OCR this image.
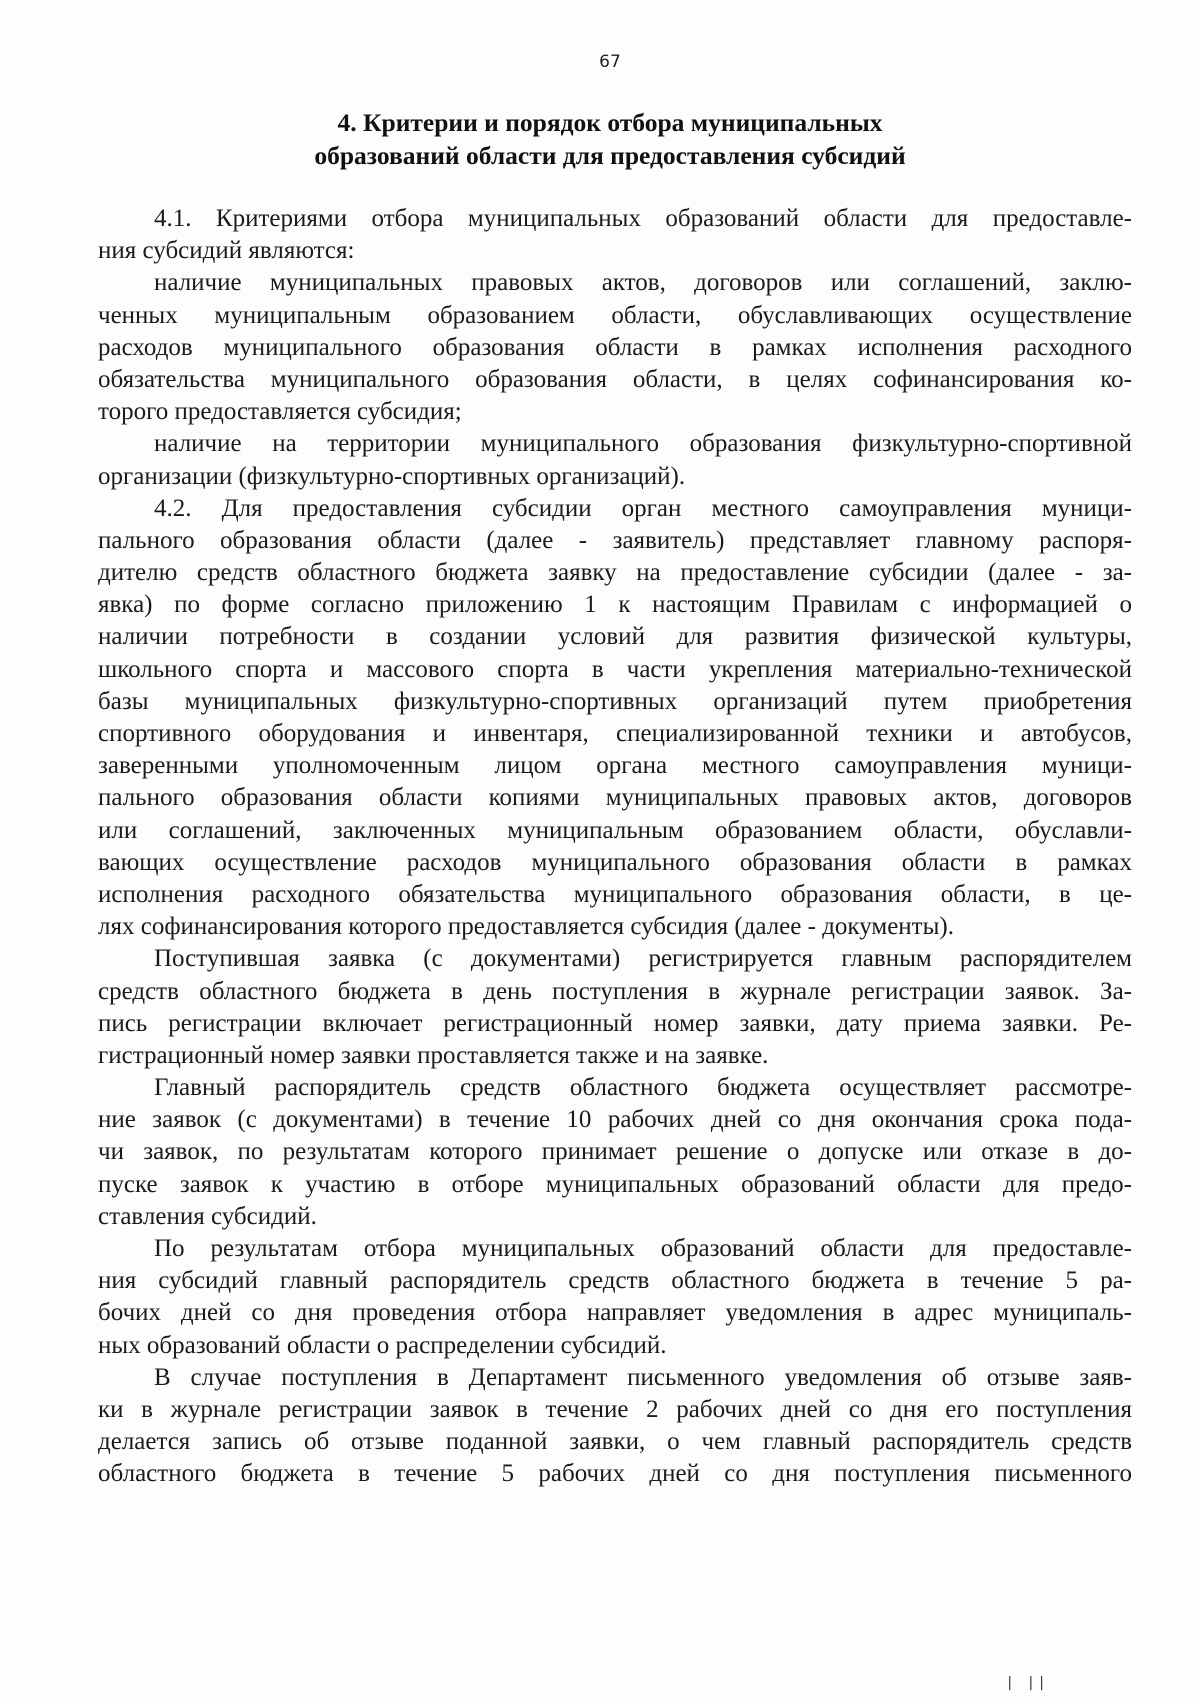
67
4. Критерии и порядок отбора муниципальных
образований области для предоставления субсидий
4.1. Критериями отбора муниципальных образований области для предоставле-
ния субсидий являются:
наличие муниципальных правовых актов, договоров или соглашений, заклю-
ченных муниципальным образованием области, обуславливающих осуществление
расходов муниципального образования области в рамках исполнения расходного
обязательства муниципального образования области, в целях софинансирования ко-
торого предоставляется субсидия;
наличие на территории муниципального образования физкультурно-спортивной
организации (физкультурно-спортивных организаций).
4.2. Для предоставления субсидии орган местного самоуправления муници-
пального образования области (далее - заявитель) представляет главному распоря-
дителю средств областного бюджета заявку на предоставление субсидии (далее - за-
явка) по форме согласно приложению 1 к настоящим Правилам с информацией о
наличии потребности в создании условий для развития физической культуры,
школьного спорта и массового спорта в части укрепления материально-технической
базы муниципальных физкультурно-спортивных организаций путем приобретения
спортивного оборудования и инвентаря, специализированной техники и автобусов,
заверенными уполномоченным лицом органа местного самоуправления муници-
пального образования области копиями муниципальных правовых актов, договоров
или соглашений, заключенных муниципальным образованием области, обуславли-
вающих осуществление расходов муниципального образования области в рамках
исполнения расходного обязательства муниципального образования области, в це-
лях софинансирования которого предоставляется субсидия (далее - документы).
Поступившая заявка (с документами) регистрируется главным распорядителем
средств областного бюджета в день поступления в журнале регистрации заявок. За-
пись регистрации включает регистрационный номер заявки, дату приема заявки. Ре-
гистрационный номер заявки проставляется также и на заявке.
Главный распорядитель средств областного бюджета осуществляет рассмотре-
ние заявок (с документами) в течение 10 рабочих дней со дня окончания срока пода-
чи заявок, по результатам которого принимает решение о допуске или отказе в до-
пуске заявок к участию в отборе муниципальных образований области для предо-
ставления субсидий.
По результатам отбора муниципальных образований области для предоставле-
ния субсидий главный распорядитель средств областного бюджета в течение 5 ра-
бочих дней со дня проведения отбора направляет уведомления в адрес муниципаль-
ных образований области о распределении субсидий.
В случае поступления в Департамент письменного уведомления об отзыве заяв-
ки в журнале регистрации заявок в течение 2 рабочих дней со дня его поступления
делается запись об отзыве поданной заявки, о чем главный распорядитель средств
областного бюджета в течение 5 рабочих дней со дня поступления письменного
| ||
